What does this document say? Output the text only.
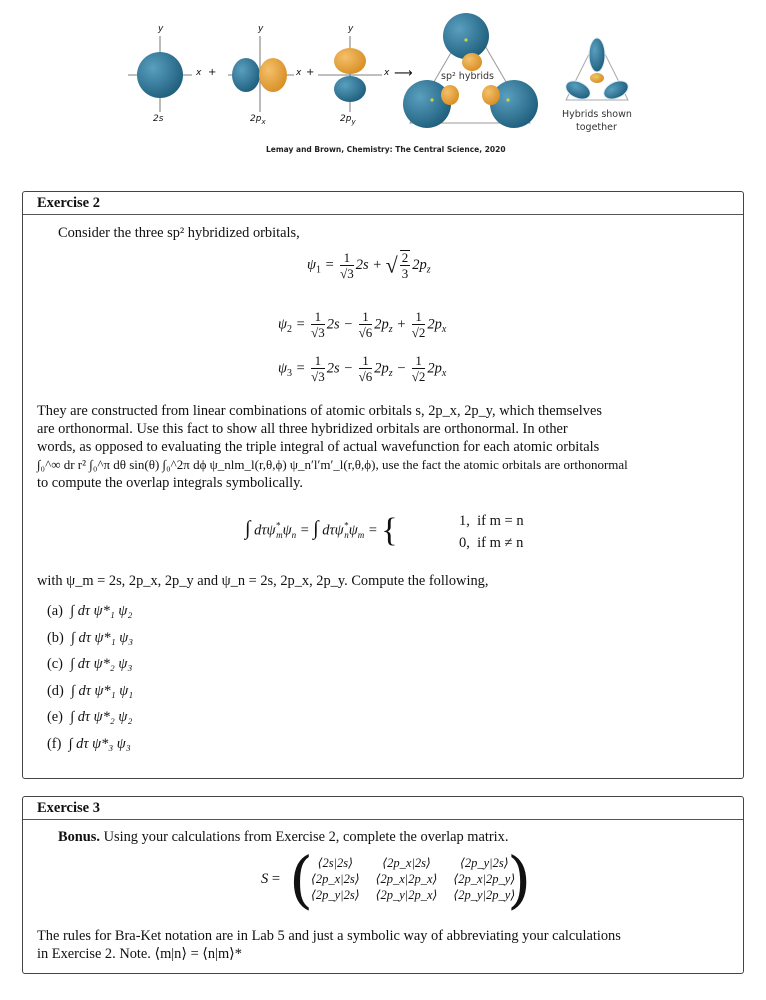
y	y	y
x +	x +	x ⟶
2s	$2p_x$	$2p_y$
sp² hybrids
Hybrids shown
together
Lemay and Brown, Chemistry: The Central Science, 2020
Exercise 2
Consider the three sp² hybridized orbitals,
$\psi_1 = \frac{1}{√3} 2s$ + √ $\frac{2}{3} 2p_z$
$\psi_2 = \frac{1}{√3} 2s - \frac{1}{√6} 2p_z + \frac{1}{√2} 2p_x$
$\psi_3 = \frac{1}{√3} 2s - \frac{1}{√6} 2p_z - \frac{1}{√2} 2p_x$
They are constructed from linear combinations of atomic orbitals s, 2p_x, 2p_y, which themselves
are orthonormal. Use this fact to show all three hybridized orbitals are orthonormal. In other
words, as opposed to evaluating the triple integral of actual wavefunction for each atomic orbitals
∫₀^∞ dr r² ∫₀^π dθ sin(θ) ∫₀^2π dϕ ψ_nlm_l(r,θ,ϕ) ψ_n′l′m′_l(r,θ,ϕ), use the fact the atomic orbitals are orthonormal
to compute the overlap integrals symbolically.
∫ $d\tau\psi^*_m\psi_n$ = ∫ $d\tau\psi^*_n\psi_m$ = {	1,  if m = n
0,  if m ≠ n
with ψ_m = 2s, 2p_x, 2p_y and ψ_n = 2s, 2p_x, 2p_y. Compute the following,
(a) ∫ dτ ψ*₁ ψ₂
(b) ∫ dτ ψ*₁ ψ₃
(c) ∫ dτ ψ*₂ ψ₃
(d) ∫ dτ ψ*₁ ψ₁
(e) ∫ dτ ψ*₂ ψ₂
(f) ∫ dτ ψ*₃ ψ₃
Exercise 3
Bonus. Using your calculations from Exercise 2, complete the overlap matrix.
S = (	)
⟨2s|2s⟩	⟨2p_x|2s⟩	⟨2p_y|2s⟩
⟨2p_x|2s⟩	⟨2p_x|2p_x⟩	⟨2p_x|2p_y⟩
⟨2p_y|2s⟩	⟨2p_y|2p_x⟩	⟨2p_y|2p_y⟩
The rules for Bra-Ket notation are in Lab 5 and just a symbolic way of abbreviating your calculations
in Exercise 2. Note. ⟨m|n⟩ = ⟨n|m⟩*
